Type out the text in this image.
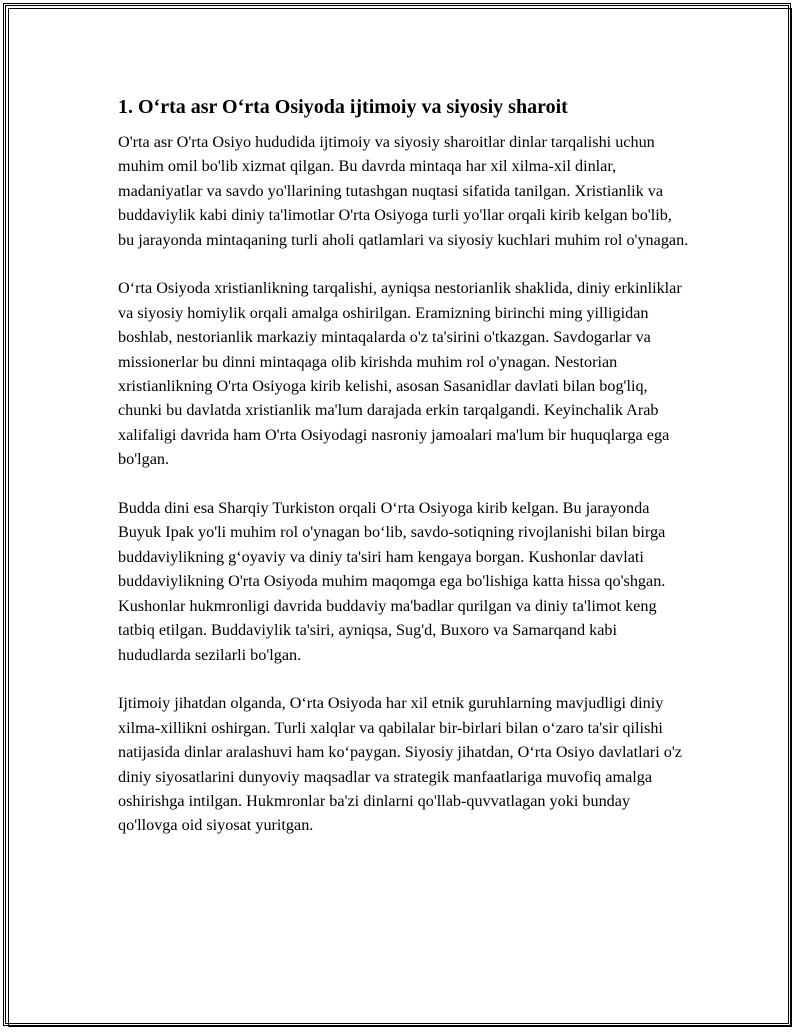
1. O‘rta asr O‘rta Osiyoda ijtimoiy va siyosiy sharoit

O'rta asr O'rta Osiyo hududida ijtimoiy va siyosiy sharoitlar dinlar tarqalishi uchun muhim omil bo'lib xizmat qilgan. Bu davrda mintaqa har xil xilma-xil dinlar, madaniyatlar va savdo yo'llarining tutashgan nuqtasi sifatida tanilgan. Xristianlik va buddaviylik kabi diniy ta'limotlar O'rta Osiyoga turli yo'llar orqali kirib kelgan bo'lib, bu jarayonda mintaqaning turli aholi qatlamlari va siyosiy kuchlari muhim rol o'ynagan.

O‘rta Osiyoda xristianlikning tarqalishi, ayniqsa nestorianlik shaklida, diniy erkinliklar va siyosiy homiylik orqali amalga oshirilgan. Eramizning birinchi ming yilligidan boshlab, nestorianlik markaziy mintaqalarda o'z ta'sirini o'tkazgan. Savdogarlar va missionerlar bu dinni mintaqaga olib kirishda muhim rol o'ynagan. Nestorian xristianlikning O'rta Osiyoga kirib kelishi, asosan Sasanidlar davlati bilan bog'liq, chunki bu davlatda xristianlik ma'lum darajada erkin tarqalgandi. Keyinchalik Arab xalifaligi davrida ham O'rta Osiyodagi nasroniy jamoalari ma'lum bir huquqlarga ega bo'lgan.

Budda dini esa Sharqiy Turkiston orqali O‘rta Osiyoga kirib kelgan. Bu jarayonda Buyuk Ipak yo'li muhim rol o'ynagan bo‘lib, savdo-sotiqning rivojlanishi bilan birga buddaviylikning g‘oyaviy va diniy ta'siri ham kengaya borgan. Kushonlar davlati buddaviylikning O'rta Osiyoda muhim maqomga ega bo'lishiga katta hissa qo'shgan. Kushonlar hukmronligi davrida buddaviy ma'badlar qurilgan va diniy ta'limot keng tatbiq etilgan. Buddaviylik ta'siri, ayniqsa, Sug'd, Buxoro va Samarqand kabi hududlarda sezilarli bo'lgan.

Ijtimoiy jihatdan olganda, O‘rta Osiyoda har xil etnik guruhlarning mavjudligi diniy xilma-xillikni oshirgan. Turli xalqlar va qabilalar bir-birlari bilan o‘zaro ta'sir qilishi natijasida dinlar aralashuvi ham ko‘paygan. Siyosiy jihatdan, O‘rta Osiyo davlatlari o'z diniy siyosatlarini dunyoviy maqsadlar va strategik manfaatlariga muvofiq amalga oshirishga intilgan. Hukmronlar ba'zi dinlarni qo'llab-quvvatlagan yoki bunday qo'llovga oid siyosat yuritgan.
